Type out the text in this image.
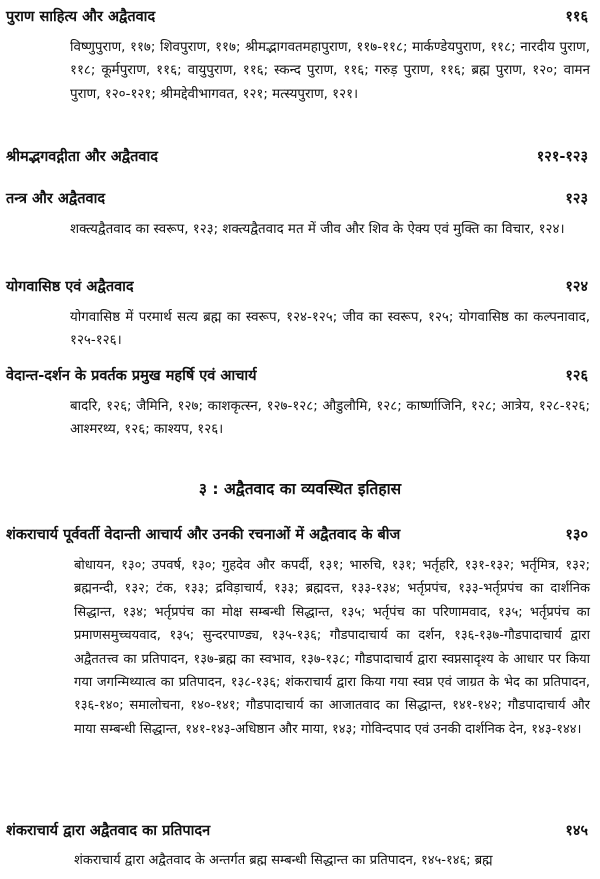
पुराण साहित्य और अद्वैतवाद	११६
विष्णुपुराण, ११७; शिवपुराण, ११७; श्रीमद्भागवतमहापुराण, ११७-११८; मार्कण्डेयपुराण, ११८; नारदीय पुराण, ११८; कूर्मपुराण, ११६; वायुपुराण, ११६; स्कन्द पुराण, ११६; गरुड़ पुराण, ११६; ब्रह्म पुराण, १२०; वामन पुराण, १२०-१२१; श्रीमद्देवीभागवत, १२१; मत्स्यपुराण, १२१।
श्रीमद्भगवद्गीता और अद्वैतवाद	१२१-१२३
तन्त्र और अद्वैतवाद	१२३
शक्त्यद्वैतवाद का स्वरूप, १२३; शक्त्यद्वैतवाद मत में जीव और शिव के ऐक्य एवं मुक्ति का विचार, १२४।
योगवासिष्ठ एवं अद्वैतवाद	१२४
योगवासिष्ठ में परमार्थ सत्य ब्रह्म का स्वरूप, १२४-१२५; जीव का स्वरूप, १२५; योगवासिष्ठ का कल्पनावाद, १२५-१२६।
वेदान्त-दर्शन के प्रवर्तक प्रमुख महर्षि एवं आचार्य	१२६
बादरि, १२६; जैमिनि, १२७; काशकृत्स्न, १२७-१२८; औडुलौमि, १२८; कार्ष्णाजिनि, १२८; आत्रेय, १२८-१२६; आश्मरथ्य, १२६; काश्यप, १२६।
३ : अद्वैतवाद का व्यवस्थित इतिहास
शंकराचार्य पूर्ववर्ती वेदान्ती आचार्य और उनकी रचनाओं में अद्वैतवाद के बीज	१३०
बोधायन, १३०; उपवर्ष, १३०; गुहदेव और कपर्दी, १३१; भारुचि, १३१; भर्तृहरि, १३१-१३२; भर्तृमित्र, १३२; ब्रह्मनन्दी, १३२; टंक, १३३; द्रविड़ाचार्य, १३३; ब्रह्मदत्त, १३३-१३४; भर्तृप्रपंच, १३३-भर्तृप्रपंच का दार्शनिक सिद्धान्त, १३४; भर्तृप्रपंच का मोक्ष सम्बन्धी सिद्धान्त, १३५; भर्तृपंच का परिणामवाद, १३५; भर्तृप्रपंच का प्रमाणसमुच्चयवाद, १३५; सुन्दरपाण्ड्य, १३५-१३६; गौडपादाचार्य का दर्शन, १३६-१३७-गौडपादाचार्य द्वारा अद्वैततत्त्व का प्रतिपादन, १३७-ब्रह्म का स्वभाव, १३७-१३८; गौडपादाचार्य द्वारा स्वप्नसादृश्य के आधार पर किया गया जगन्मिथ्यात्व का प्रतिपादन, १३८-१३६; शंकराचार्य द्वारा किया गया स्वप्न एवं जाग्रत के भेद का प्रतिपादन, १३६-१४०; समालोचना, १४०-१४१; गौडपादाचार्य का आजातवाद का सिद्धान्त, १४१-१४२; गौडपादाचार्य और माया सम्बन्धी सिद्धान्त, १४१-१४३-अधिष्ठान और माया, १४३; गोविन्दपाद एवं उनकी दार्शनिक देन, १४३-१४४।
शंकराचार्य द्वारा अद्वैतवाद का प्रतिपादन	१४५
शंकराचार्य द्वारा अद्वैतवाद के अन्तर्गत ब्रह्म सम्बन्धी सिद्धान्त का प्रतिपादन, १४५-१४६; ब्रह्म
